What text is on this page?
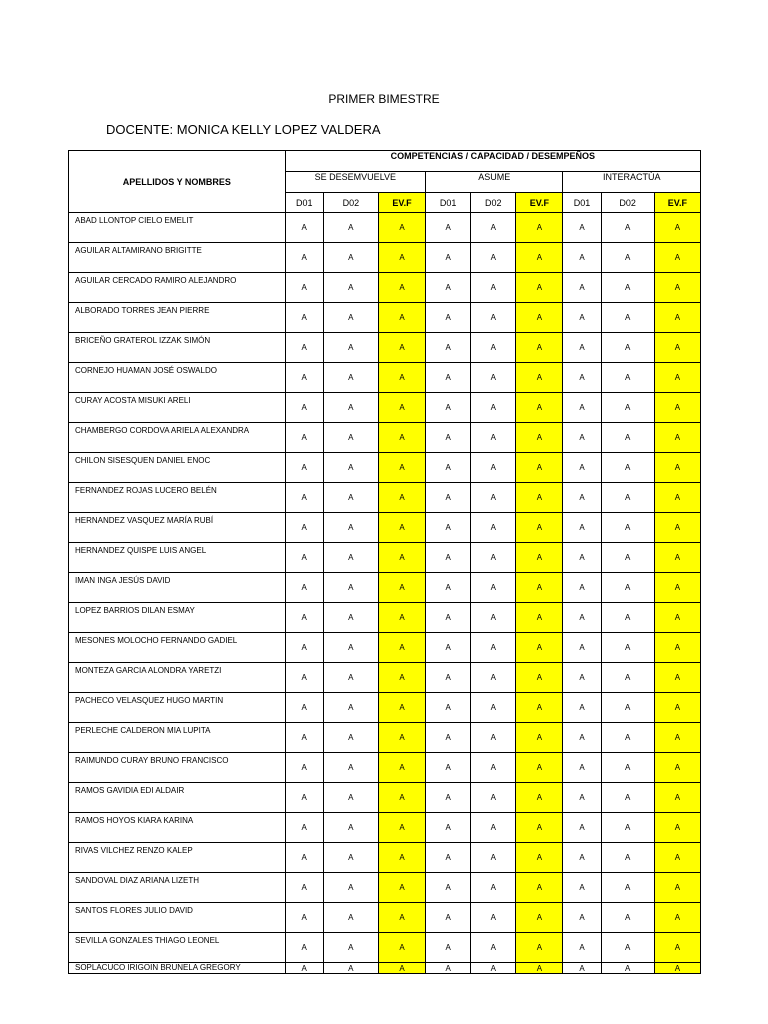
PRIMER BIMESTRE
DOCENTE: MONICA KELLY LOPEZ VALDERA
APELLIDOS Y NOMBRES	COMPETENCIAS / CAPACIDAD / DESEMPEÑOS								
	SE DESEMVUELVE			ASUME			INTERACTÚA		
	D01	D02	EV.F	D01	D02	EV.F	D01	D02	EV.F
ABAD LLONTOP CIELO EMELIT	A	A	A	A	A	A	A	A	A
AGUILAR ALTAMIRANO BRIGITTE	A	A	A	A	A	A	A	A	A
AGUILAR CERCADO RAMIRO ALEJANDRO	A	A	A	A	A	A	A	A	A
ALBORADO TORRES JEAN PIERRE	A	A	A	A	A	A	A	A	A
BRICEÑO GRATEROL IZZAK SIMÓN	A	A	A	A	A	A	A	A	A
CORNEJO HUAMAN JOSÉ OSWALDO	A	A	A	A	A	A	A	A	A
CURAY ACOSTA MISUKI ARELI	A	A	A	A	A	A	A	A	A
CHAMBERGO CORDOVA ARIELA ALEXANDRA	A	A	A	A	A	A	A	A	A
CHILON SISESQUEN DANIEL ENOC	A	A	A	A	A	A	A	A	A
FERNANDEZ ROJAS LUCERO BELÉN	A	A	A	A	A	A	A	A	A
HERNANDEZ VASQUEZ MARÍA RUBÍ	A	A	A	A	A	A	A	A	A
HERNANDEZ QUISPE LUIS ANGEL	A	A	A	A	A	A	A	A	A
IMAN INGA JESÚS DAVID	A	A	A	A	A	A	A	A	A
LOPEZ BARRIOS DILAN ESMAY	A	A	A	A	A	A	A	A	A
MESONES MOLOCHO FERNANDO GADIEL	A	A	A	A	A	A	A	A	A
MONTEZA GARCIA ALONDRA YARETZI	A	A	A	A	A	A	A	A	A
PACHECO VELASQUEZ HUGO MARTIN	A	A	A	A	A	A	A	A	A
PERLECHE CALDERON MIA LUPITA	A	A	A	A	A	A	A	A	A
RAIMUNDO CURAY BRUNO FRANCISCO	A	A	A	A	A	A	A	A	A
RAMOS GAVIDIA EDI ALDAIR	A	A	A	A	A	A	A	A	A
RAMOS HOYOS KIARA KARINA	A	A	A	A	A	A	A	A	A
RIVAS VILCHEZ RENZO KALEP	A	A	A	A	A	A	A	A	A
SANDOVAL DIAZ ARIANA LIZETH	A	A	A	A	A	A	A	A	A
SANTOS FLORES JULIO DAVID	A	A	A	A	A	A	A	A	A
SEVILLA GONZALES THIAGO LEONEL	A	A	A	A	A	A	A	A	A
SOPLACUCO IRIGOIN BRUNELA GREGORY	A	A	A	A	A	A	A	A	A
